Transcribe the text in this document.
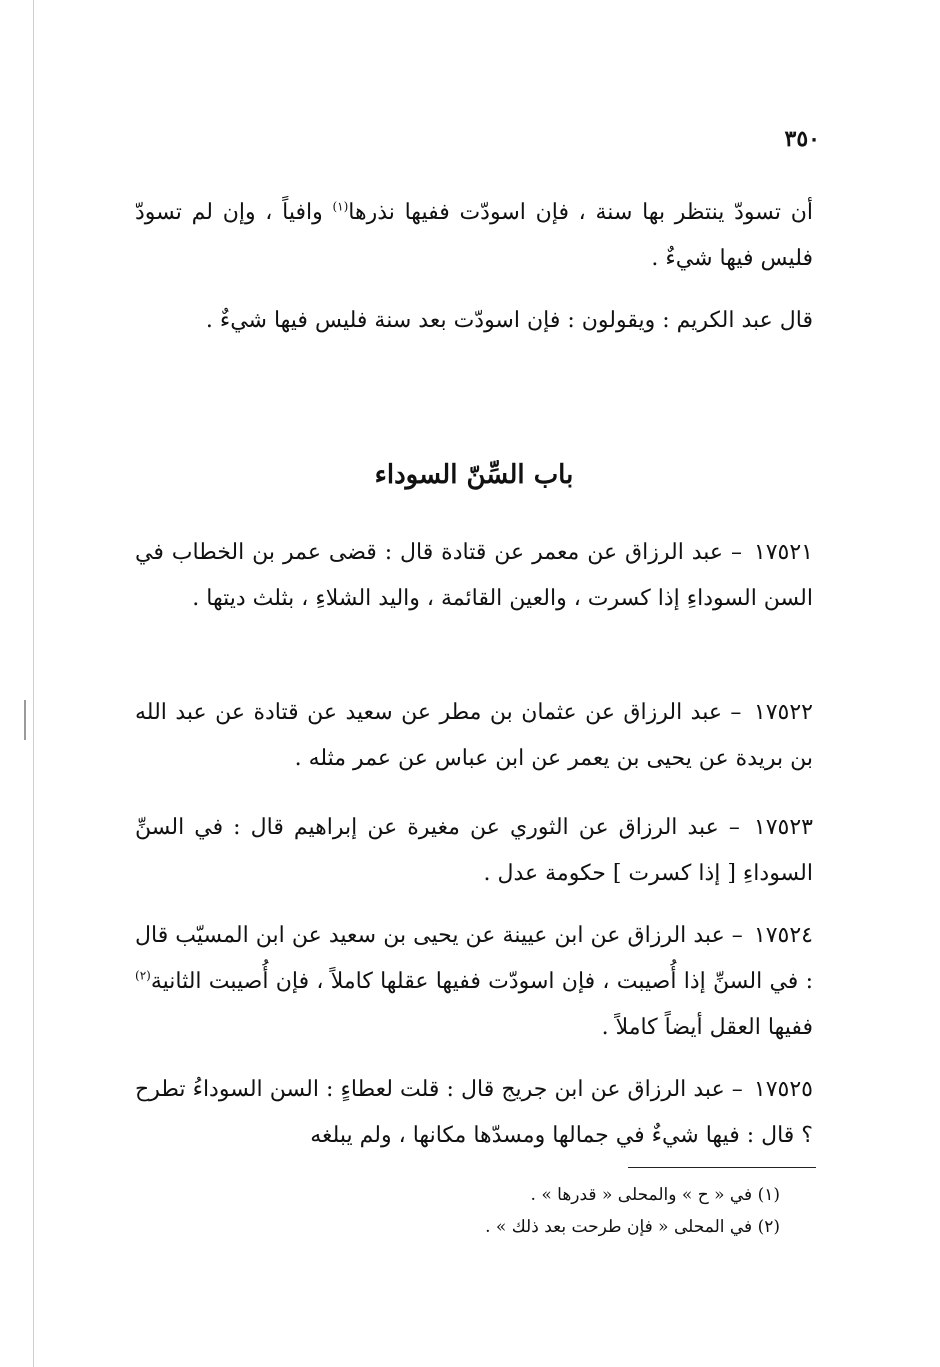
٣٥٠

أن تسودّ ينتظر بها سنة ، فإن اسودّت ففيها نذرها$^{(١)}$ وافياً ، وإن لم تسودّ فليس فيها شيءٌ .

قال عبد الكريم : ويقولون : فإن اسودّت بعد سنة فليس فيها شيءٌ .

باب السِّنّ السوداء

١٧٥٢١ – عبد الرزاق عن معمر عن قتادة قال : قضى عمر بن الخطاب في السن السوداءِ إذا كسرت ، والعين القائمة ، واليد الشلاءِ ، بثلث ديتها .

١٧٥٢٢ – عبد الرزاق عن عثمان بن مطر عن سعيد عن قتادة عن عبد الله بن بريدة عن يحيى بن يعمر عن ابن عباس عن عمر مثله .

١٧٥٢٣ – عبد الرزاق عن الثوري عن مغيرة عن إبراهيم قال : في السنِّ السوداءِ [ إذا كسرت ] حكومة عدل .

١٧٥٢٤ – عبد الرزاق عن ابن عيينة عن يحيى بن سعيد عن ابن المسيّب قال : في السنِّ إذا أُصيبت ، فإن اسودّت ففيها عقلها كاملاً ، فإن أُصيبت الثانية$^{(٢)}$ ففيها العقل أيضاً كاملاً .

١٧٥٢٥ – عبد الرزاق عن ابن جريج قال : قلت لعطاءٍ : السن السوداءُ تطرح ؟ قال : فيها شيءٌ في جمالها ومسدّها مكانها ، ولم يبلغه

(١) في « ح » والمحلى « قدرها » .

(٢) في المحلى « فإن طرحت بعد ذلك » .
